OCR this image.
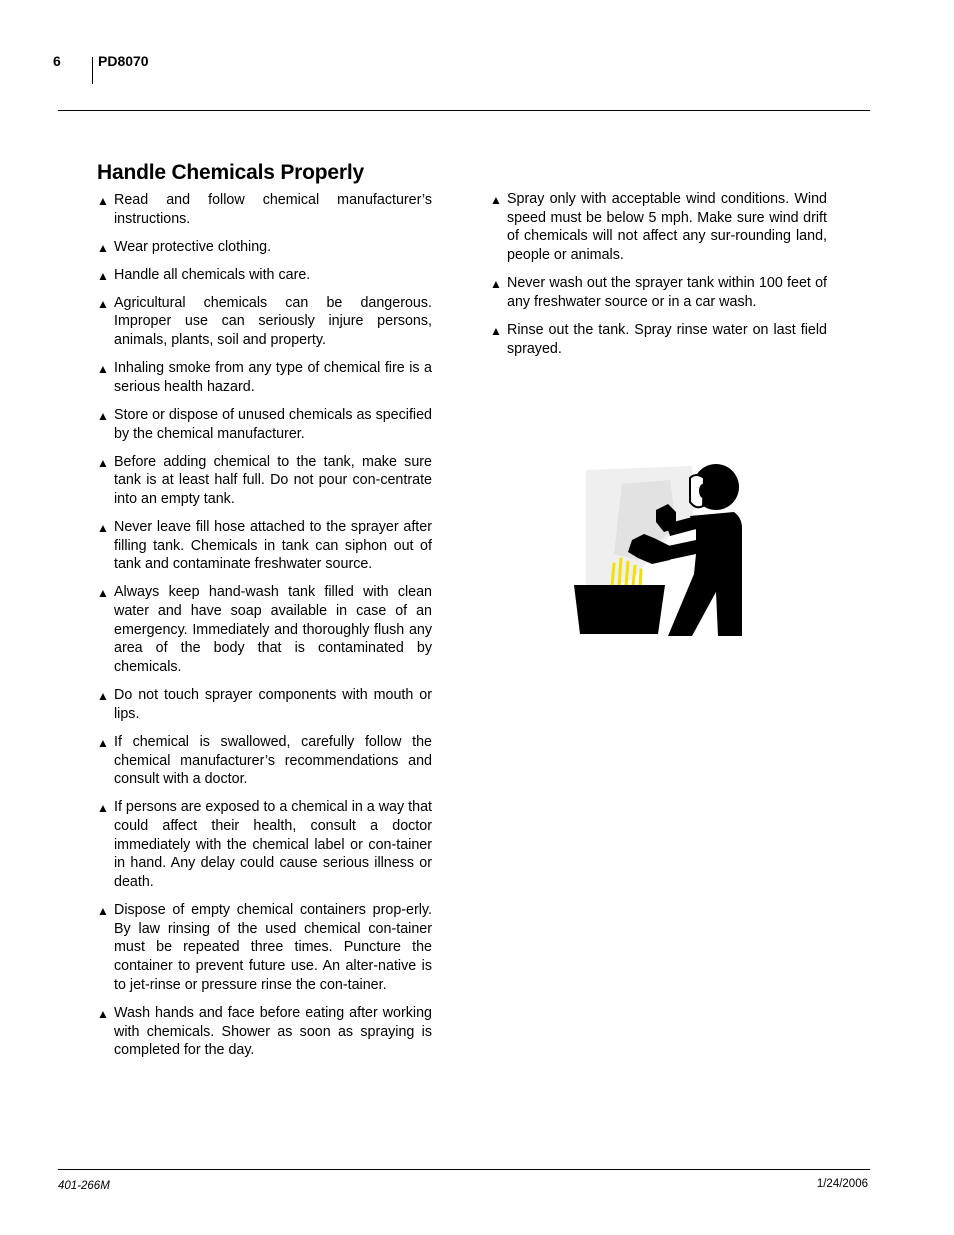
6	PD8070
Handle Chemicals Properly
▲ Read and follow chemical manufacturer’s instructions.
▲ Wear protective clothing.
▲ Handle all chemicals with care.
▲ Agricultural chemicals can be dangerous. Improper use can seriously injure persons, animals, plants, soil and property.
▲ Inhaling smoke from any type of chemical fire is a serious health hazard.
▲ Store or dispose of unused chemicals as specified by the chemical manufacturer.
▲ Before adding chemical to the tank, make sure tank is at least half full. Do not pour con-centrate into an empty tank.
▲ Never leave fill hose attached to the sprayer after filling tank. Chemicals in tank can siphon out of tank and contaminate freshwater source.
▲ Always keep hand-wash tank filled with clean water and have soap available in case of an emergency. Immediately and thoroughly flush any area of the body that is contaminated by chemicals.
▲ Do not touch sprayer components with mouth or lips.
▲ If chemical is swallowed, carefully follow the chemical manufacturer’s recommendations and consult with a doctor.
▲ If persons are exposed to a chemical in a way that could affect their health, consult a doctor immediately with the chemical label or con-tainer in hand. Any delay could cause serious illness or death.
▲ Dispose of empty chemical containers prop-erly. By law rinsing of the used chemical con-tainer must be repeated three times. Puncture the container to prevent future use. An alter-native is to jet-rinse or pressure rinse the con-tainer.
▲ Wash hands and face before eating after working with chemicals. Shower as soon as spraying is completed for the day.
▲ Spray only with acceptable wind conditions. Wind speed must be below 5 mph. Make sure wind drift of chemicals will not affect any sur-rounding land, people or animals.
▲ Never wash out the sprayer tank within 100 feet of any freshwater source or in a car wash.
▲ Rinse out the tank. Spray rinse water on last field sprayed.
401-266M	1/24/2006
